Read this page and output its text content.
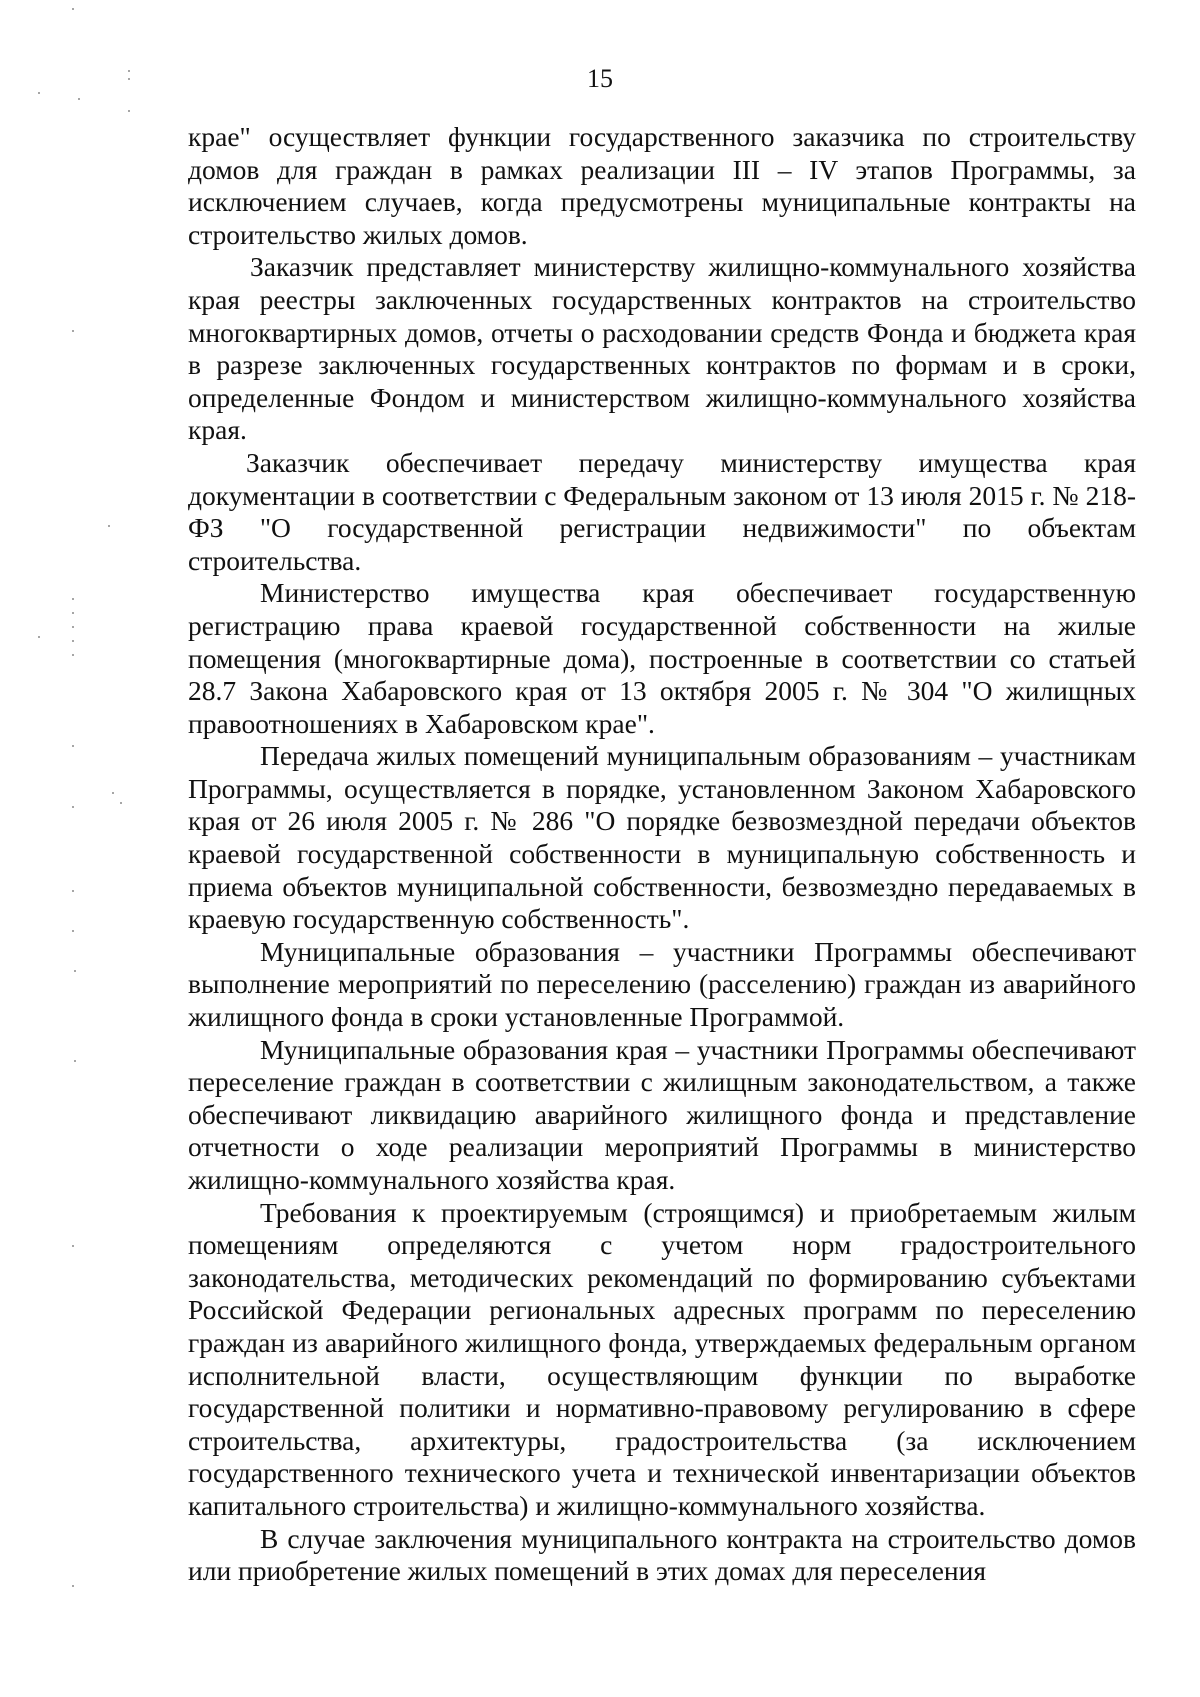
15

крае" осуществляет функции государственного заказчика по строительству домов для граждан в рамках реализации III – IV этапов Программы, за исключением случаев, когда предусмотрены муниципальные контракты на строительство жилых домов.

Заказчик представляет министерству жилищно-коммунального хозяйства края реестры заключенных государственных контрактов на строительство многоквартирных домов, отчеты о расходовании средств Фонда и бюджета края в разрезе заключенных государственных контрактов по формам и в сроки, определенные Фондом и министерством жилищно-коммунального хозяйства края.

Заказчик обеспечивает передачу министерству имущества края документации в соответствии с Федеральным законом от 13 июля 2015 г. № 218-ФЗ "О государственной регистрации недвижимости" по объектам строительства.

Министерство имущества края обеспечивает государственную регистрацию права краевой государственной собственности на жилые помещения (многоквартирные дома), построенные в соответствии со статьей 28.7 Закона Хабаровского края от 13 октября 2005 г. № 304 "О жилищных правоотношениях в Хабаровском крае".

Передача жилых помещений муниципальным образованиям – участникам Программы, осуществляется в порядке, установленном Законом Хабаровского края от 26 июля 2005 г. № 286 "О порядке безвозмездной передачи объектов краевой государственной собственности в муниципальную собственность и приема объектов муниципальной собственности, безвозмездно передаваемых в краевую государственную собственность".

Муниципальные образования – участники Программы обеспечивают выполнение мероприятий по переселению (расселению) граждан из аварийного жилищного фонда в сроки установленные Программой.

Муниципальные образования края – участники Программы обеспечивают переселение граждан в соответствии с жилищным законодательством, а также обеспечивают ликвидацию аварийного жилищного фонда и представление отчетности о ходе реализации мероприятий Программы в министерство жилищно-коммунального хозяйства края.

Требования к проектируемым (строящимся) и приобретаемым жилым помещениям определяются с учетом норм градостроительного законодательства, методических рекомендаций по формированию субъектами Российской Федерации региональных адресных программ по переселению граждан из аварийного жилищного фонда, утверждаемых федеральным органом исполнительной власти, осуществляющим функции по выработке государственной политики и нормативно-правовому регулированию в сфере строительства, архитектуры, градостроительства (за исключением государственного технического учета и технической инвентаризации объектов капитального строительства) и жилищно-коммунального хозяйства.

В случае заключения муниципального контракта на строительство домов или приобретение жилых помещений в этих домах для переселения
